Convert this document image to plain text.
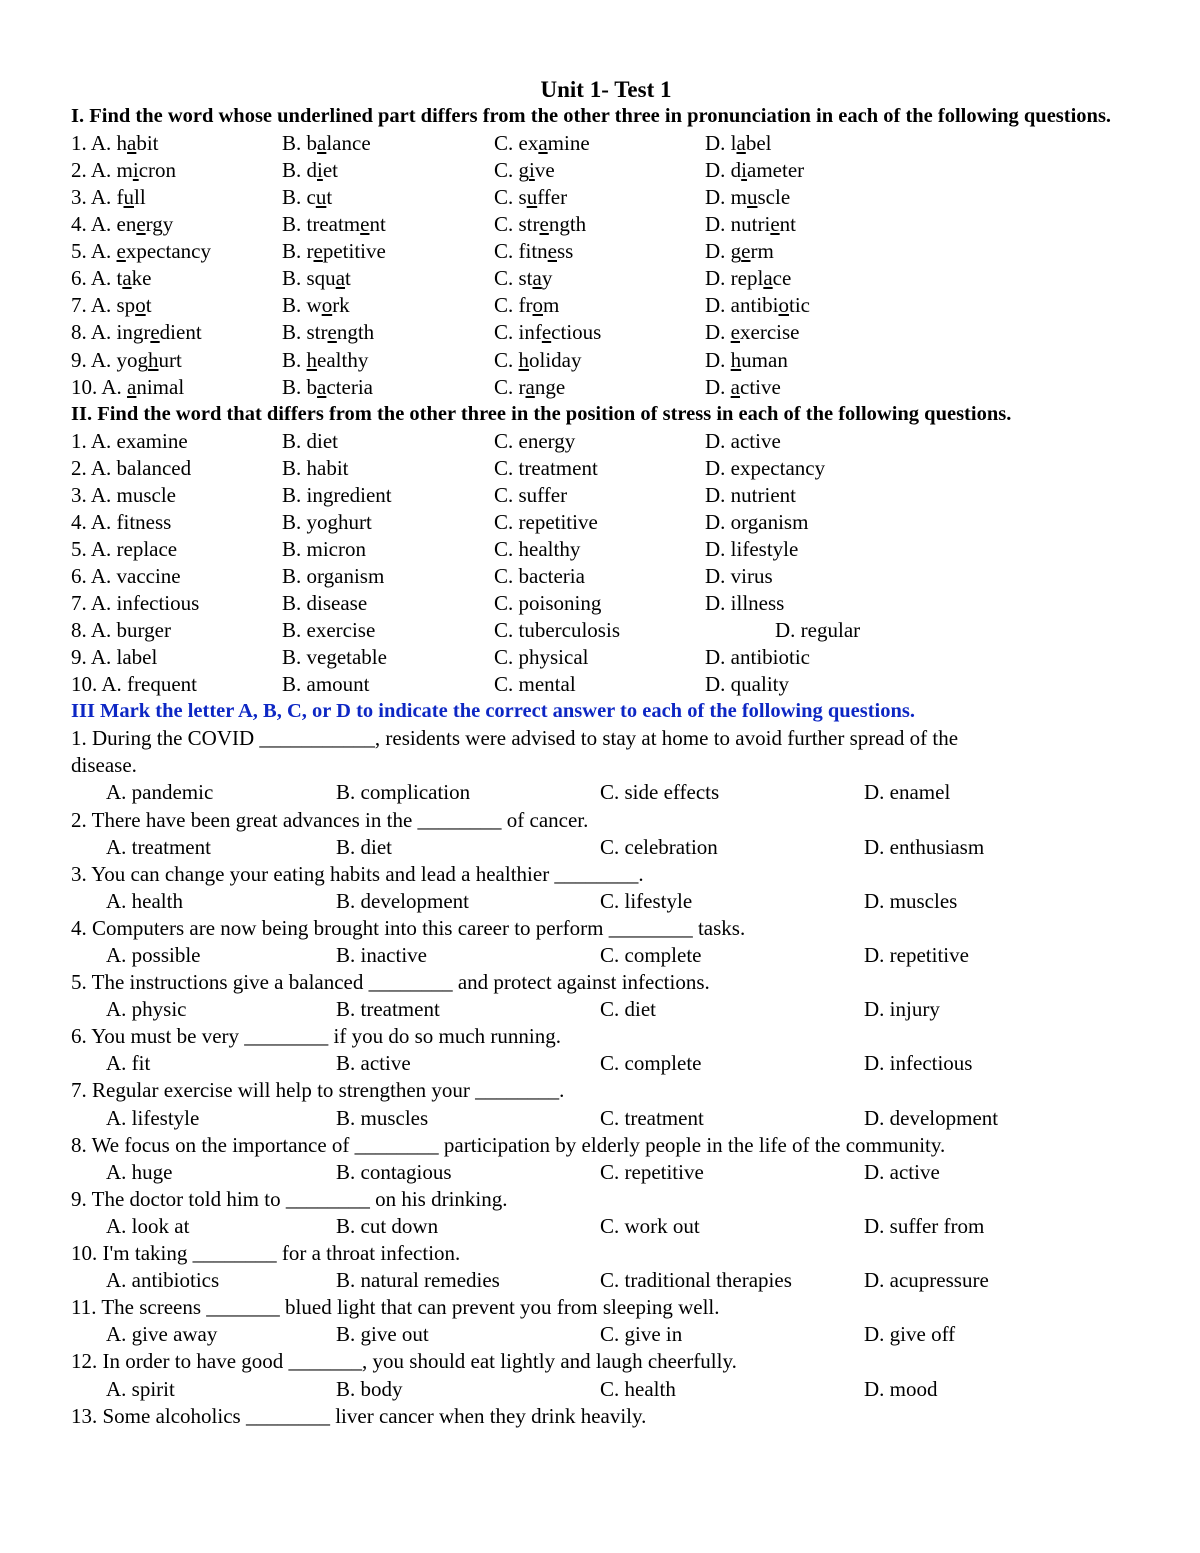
Unit 1- Test 1
I. Find the word whose underlined part differs from the other three in pronunciation in each of the following questions.
1. A. habit	B. balance	C. examine	D. label
2. A. micron	B. diet	C. give	D. diameter
3. A. full	B. cut	C. suffer	D. muscle
4. A. energy	B. treatment	C. strength	D. nutrient
5. A. expectancy	B. repetitive	C. fitness	D. germ
6. A. take	B. squat	C. stay	D. replace
7. A. spot	B. work	C. from	D. antibiotic
8. A. ingredient	B. strength	C. infectious	D. exercise
9. A. yoghurt	B. healthy	C. holiday	D. human
10. A. animal	B. bacteria	C. range	D. active
II. Find the word that differs from the other three in the position of stress in each of the following questions.
1. A. examine	B. diet	C. energy	D. active
2. A. balanced	B. habit	C. treatment	D. expectancy
3. A. muscle	B. ingredient	C. suffer	D. nutrient
4. A. fitness	B. yoghurt	C. repetitive	D. organism
5. A. replace	B. micron	C. healthy	D. lifestyle
6. A. vaccine	B. organism	C. bacteria	D. virus
7. A. infectious	B. disease	C. poisoning	D. illness
8. A. burger	B. exercise	C. tuberculosis	D. regular
9. A. label	B. vegetable	C. physical	D. antibiotic
10. A. frequent	B. amount	C. mental	D. quality
III Mark the letter A, B, C, or D to indicate the correct answer to each of the following questions.
1. During the COVID ___________, residents were advised to stay at home to avoid further spread of the
disease.
A. pandemic	B. complication	C. side effects	D. enamel
2. There have been great advances in the ________ of cancer.
A. treatment	B. diet	C. celebration	D. enthusiasm
3. You can change your eating habits and lead a healthier ________.
A. health	B. development	C. lifestyle	D. muscles
4. Computers are now being brought into this career to perform ________ tasks.
A. possible	B. inactive	C. complete	D. repetitive
5. The instructions give a balanced ________ and protect against infections.
A. physic	B. treatment	C. diet	D. injury
6. You must be very ________ if you do so much running.
A. fit	B. active	C. complete	D. infectious
7. Regular exercise will help to strengthen your ________.
A. lifestyle	B. muscles	C. treatment	D. development
8. We focus on the importance of ________ participation by elderly people in the life of the community.
A. huge	B. contagious	C. repetitive	D. active
9. The doctor told him to ________ on his drinking.
A. look at	B. cut down	C. work out	D. suffer from
10. I'm taking ________ for a throat infection.
A. antibiotics	B. natural remedies	C. traditional therapies	D. acupressure
11. The screens _______ blued light that can prevent you from sleeping well.
A. give away	B. give out	C. give in	D. give off
12. In order to have good _______, you should eat lightly and laugh cheerfully.
A. spirit	B. body	C. health	D. mood
13. Some alcoholics ________ liver cancer when they drink heavily.
